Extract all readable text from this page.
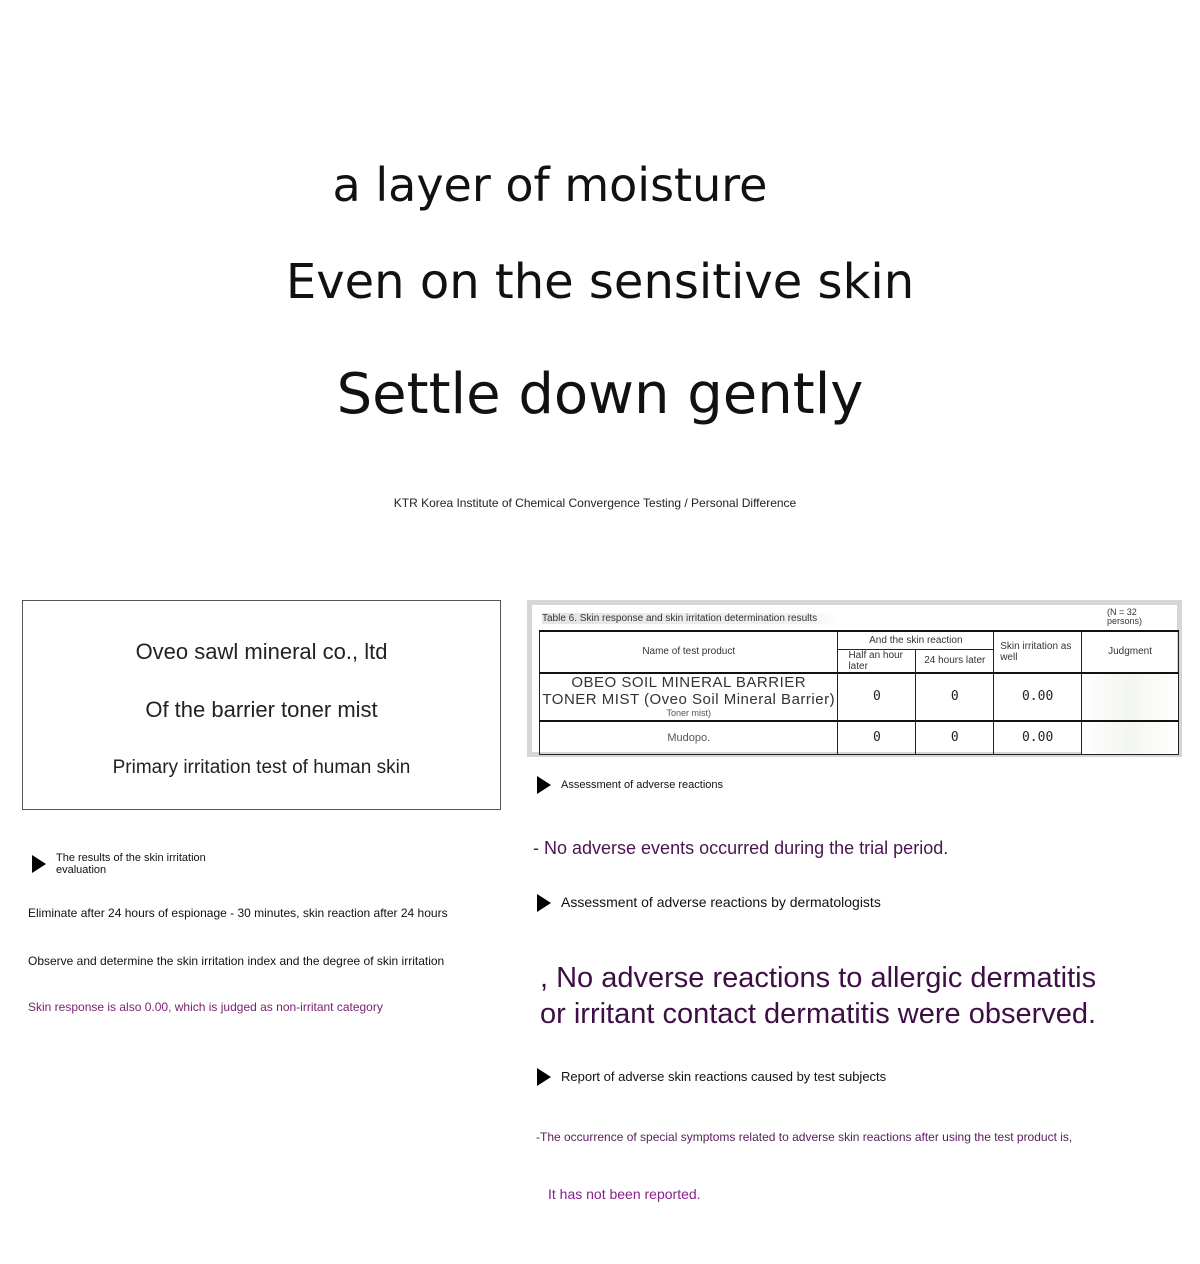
a layer of moisture
Even on the sensitive skin
Settle down gently
KTR Korea Institute of Chemical Convergence Testing / Personal Difference
Oveo sawl mineral co., ltd
Of the barrier toner mist
Primary irritation test of human skin
The results of the skin irritation evaluation
Eliminate after 24 hours of espionage - 30 minutes, skin reaction after 24 hours
Observe and determine the skin irritation index and the degree of skin irritation
Skin response is also 0.00, which is judged as non-irritant category
Table 6. Skin response and skin irritation determination results
(N = 32 persons)
Name of test product	And the skin reaction		Skin irritation as well	Judgment
	Half an hour later	24 hours later		

OBEO SOIL MINERAL BARRIER
TONER MIST (Oveo Soil Mineral Barrier)
Toner mist)	0	0	0.00	
Mudopo.	0	0	0.00	
Assessment of adverse reactions
- No adverse events occurred during the trial period.
Assessment of adverse reactions by dermatologists
, No adverse reactions to allergic dermatitis
or irritant contact dermatitis were observed.
Report of adverse skin reactions caused by test subjects
-The occurrence of special symptoms related to adverse skin reactions after using the test product is,
It has not been reported.
